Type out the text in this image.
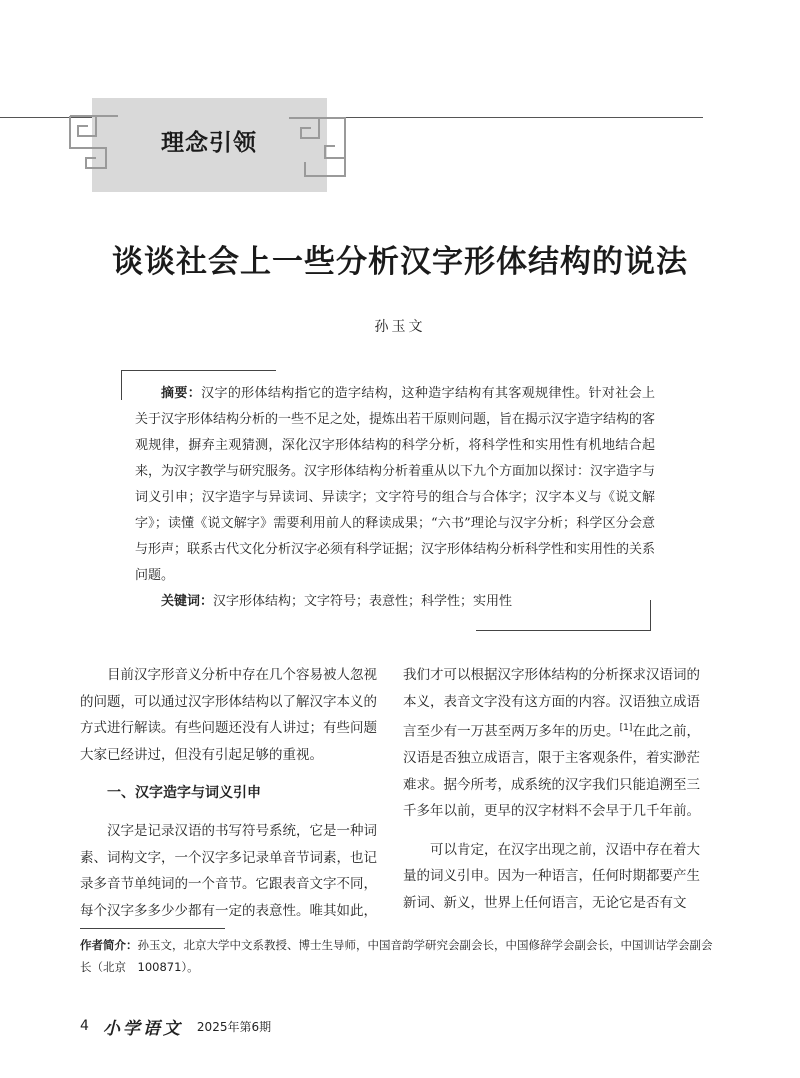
理念引领
谈谈社会上一些分析汉字形体结构的说法
孙玉文

摘要：汉字的形体结构指它的造字结构，这种造字结构有其客观规律性。针对社会上关于汉字形体结构分析的一些不足之处，提炼出若干原则问题，旨在揭示汉字造字结构的客观规律，摒弃主观猜测，深化汉字形体结构的科学分析，将科学性和实用性有机地结合起来，为汉字教学与研究服务。汉字形体结构分析着重从以下九个方面加以探讨：汉字造字与词义引申；汉字造字与异读词、异读字；文字符号的组合与合体字；汉字本义与《说文解字》；读懂《说文解字》需要利用前人的释读成果；“六书”理论与汉字分析；科学区分会意与形声；联系古代文化分析汉字必须有科学证据；汉字形体结构分析科学性和实用性的关系问题。

关键词：汉字形体结构；文字符号；表意性；科学性；实用性

目前汉字形音义分析中存在几个容易被人忽视的问题，可以通过汉字形体结构以了解汉字本义的方式进行解读。有些问题还没有人讲过；有些问题大家已经讲过，但没有引起足够的重视。

一、汉字造字与词义引申

汉字是记录汉语的书写符号系统，它是一种词素、词构文字，一个汉字多记录单音节词素，也记录多音节单纯词的一个音节。它跟表音文字不同，每个汉字多多少少都有一定的表意性。唯其如此，

我们才可以根据汉字形体结构的分析探求汉语词的本义，表音文字没有这方面的内容。汉语独立成语言至少有一万甚至两万多年的历史。[1]在此之前，汉语是否独立成语言，限于主客观条件，着实渺茫难求。据今所考，成系统的汉字我们只能追溯至三千多年以前，更早的汉字材料不会早于几千年前。

可以肯定，在汉字出现之前，汉语中存在着大量的词义引申。因为一种语言，任何时期都要产生新词、新义，世界上任何语言，无论它是否有文

作者简介：孙玉文，北京大学中文系教授、博士生导师，中国音韵学研究会副会长，中国修辞学会副会长，中国训诂学会副会长（北京　100871）。
4 小学语文 2025年第6期
